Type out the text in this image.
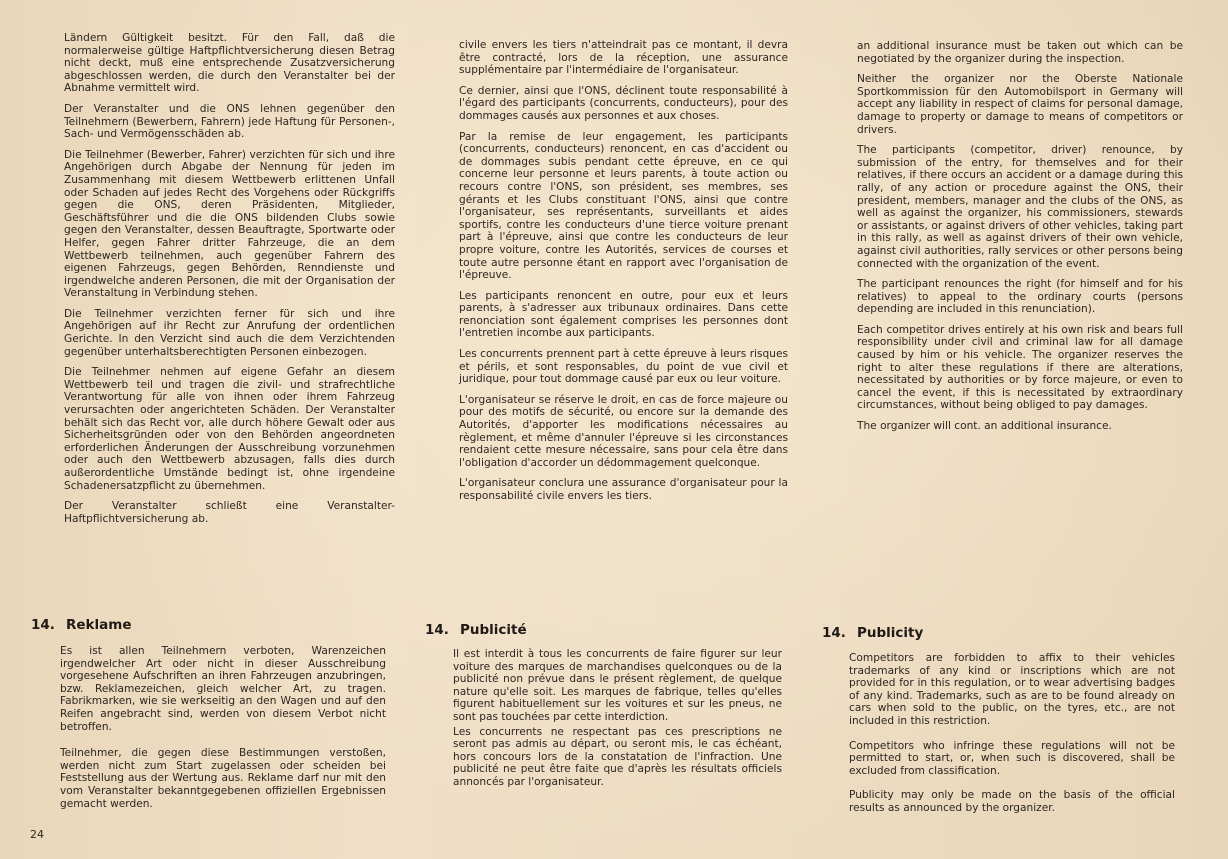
Ländern Gültigkeit besitzt. Für den Fall, daß die normalerweise gültige Haftpflichtversicherung diesen Betrag nicht deckt, muß eine entsprechende Zusatzversicherung abgeschlossen werden, die durch den Veranstalter bei der Abnahme vermittelt wird.

Der Veranstalter und die ONS lehnen gegenüber den Teilnehmern (Bewerbern, Fahrern) jede Haftung für Personen-, Sach- und Vermögensschäden ab.

Die Teilnehmer (Bewerber, Fahrer) verzichten für sich und ihre Angehörigen durch Abgabe der Nennung für jeden im Zusammenhang mit diesem Wettbewerb erlittenen Unfall oder Schaden auf jedes Recht des Vorgehens oder Rückgriffs gegen die ONS, deren Präsidenten, Mitglieder, Geschäftsführer und die die ONS bildenden Clubs sowie gegen den Veranstalter, dessen Beauftragte, Sportwarte oder Helfer, gegen Fahrer dritter Fahrzeuge, die an dem Wettbewerb teilnehmen, auch gegenüber Fahrern des eigenen Fahrzeugs, gegen Behörden, Renndienste und irgendwelche anderen Personen, die mit der Organisation der Veranstaltung in Verbindung stehen.

Die Teilnehmer verzichten ferner für sich und ihre Angehörigen auf ihr Recht zur Anrufung der ordentlichen Gerichte. In den Verzicht sind auch die dem Verzichtenden gegenüber unterhaltsberechtigten Personen einbezogen.

Die Teilnehmer nehmen auf eigene Gefahr an diesem Wettbewerb teil und tragen die zivil- und strafrechtliche Verantwortung für alle von ihnen oder ihrem Fahrzeug verursachten oder angerichteten Schäden. Der Veranstalter behält sich das Recht vor, alle durch höhere Gewalt oder aus Sicherheitsgründen oder von den Behörden angeordneten erforderlichen Änderungen der Ausschreibung vorzunehmen oder auch den Wettbewerb abzusagen, falls dies durch außerordentliche Umstände bedingt ist, ohne irgendeine Schadenersatzpflicht zu übernehmen.

Der Veranstalter schließt eine Veranstalter-Haftpflichtversicherung ab.

civile envers les tiers n'atteindrait pas ce montant, il devra être contracté, lors de la réception, une assurance supplémentaire par l'intermédiaire de l'organisateur.

Ce dernier, ainsi que l'ONS, déclinent toute responsabilité à l'égard des participants (concurrents, conducteurs), pour des dommages causés aux personnes et aux choses.

Par la remise de leur engagement, les participants (concurrents, conducteurs) renoncent, en cas d'accident ou de dommages subis pendant cette épreuve, en ce qui concerne leur personne et leurs parents, à toute action ou recours contre l'ONS, son président, ses membres, ses gérants et les Clubs constituant l'ONS, ainsi que contre l'organisateur, ses représentants, surveillants et aides sportifs, contre les conducteurs d'une tierce voiture prenant part à l'épreuve, ainsi que contre les conducteurs de leur propre voiture, contre les Autorités, services de courses et toute autre personne étant en rapport avec l'organisation de l'épreuve.

Les participants renoncent en outre, pour eux et leurs parents, à s'adresser aux tribunaux ordinaires. Dans cette renonciation sont également comprises les personnes dont l'entretien incombe aux participants.

Les concurrents prennent part à cette épreuve à leurs risques et périls, et sont responsables, du point de vue civil et juridique, pour tout dommage causé par eux ou leur voiture.

L'organisateur se réserve le droit, en cas de force majeure ou pour des motifs de sécurité, ou encore sur la demande des Autorités, d'apporter les modifications nécessaires au règlement, et même d'annuler l'épreuve si les circonstances rendaient cette mesure nécessaire, sans pour cela être dans l'obligation d'accorder un dédommagement quelconque.

L'organisateur conclura une assurance d'organisateur pour la responsabilité civile envers les tiers.

an additional insurance must be taken out which can be negotiated by the organizer during the inspection.

Neither the organizer nor the Oberste Nationale Sportkommission für den Automobilsport in Germany will accept any liability in respect of claims for personal damage, damage to property or damage to means of competitors or drivers.

The participants (competitor, driver) renounce, by submission of the entry, for themselves and for their relatives, if there occurs an accident or a damage during this rally, of any action or procedure against the ONS, their president, members, manager and the clubs of the ONS, as well as against the organizer, his commissioners, stewards or assistants, or against drivers of other vehicles, taking part in this rally, as well as against drivers of their own vehicle, against civil authorities, rally services or other persons being connected with the organization of the event.

The participant renounces the right (for himself and for his relatives) to appeal to the ordinary courts (persons depending are included in this renunciation).

Each competitor drives entirely at his own risk and bears full responsibility under civil and criminal law for all damage caused by him or his vehicle. The organizer reserves the right to alter these regulations if there are alterations, necessitated by authorities or by force majeure, or even to cancel the event, if this is necessitated by extraordinary circumstances, without being obliged to pay damages.

The organizer will cont. an additional insurance.

14. Reklame

Es ist allen Teilnehmern verboten, Warenzeichen irgendwelcher Art oder nicht in dieser Ausschreibung vorgesehene Aufschriften an ihren Fahrzeugen anzubringen, bzw. Reklamezeichen, gleich welcher Art, zu tragen. Fabrikmarken, wie sie werkseitig an den Wagen und auf den Reifen angebracht sind, werden von diesem Verbot nicht betroffen.

Teilnehmer, die gegen diese Bestimmungen verstoßen, werden nicht zum Start zugelassen oder scheiden bei Feststellung aus der Wertung aus. Reklame darf nur mit den vom Veranstalter bekanntgegebenen offiziellen Ergebnissen gemacht werden.

14. Publicité

Il est interdit à tous les concurrents de faire figurer sur leur voiture des marques de marchandises quelconques ou de la publicité non prévue dans le présent règlement, de quelque nature qu'elle soit. Les marques de fabrique, telles qu'elles figurent habituellement sur les voitures et sur les pneus, ne sont pas touchées par cette interdiction.

Les concurrents ne respectant pas ces prescriptions ne seront pas admis au départ, ou seront mis, le cas échéant, hors concours lors de la constatation de l'infraction. Une publicité ne peut être faite que d'après les résultats officiels annoncés par l'organisateur.

14. Publicity

Competitors are forbidden to affix to their vehicles trademarks of any kind or inscriptions which are not provided for in this regulation, or to wear advertising badges of any kind. Trademarks, such as are to be found already on cars when sold to the public, on the tyres, etc., are not included in this restriction.

Competitors who infringe these regulations will not be permitted to start, or, when such is discovered, shall be excluded from classification.

Publicity may only be made on the basis of the official results as announced by the organizer.

24
